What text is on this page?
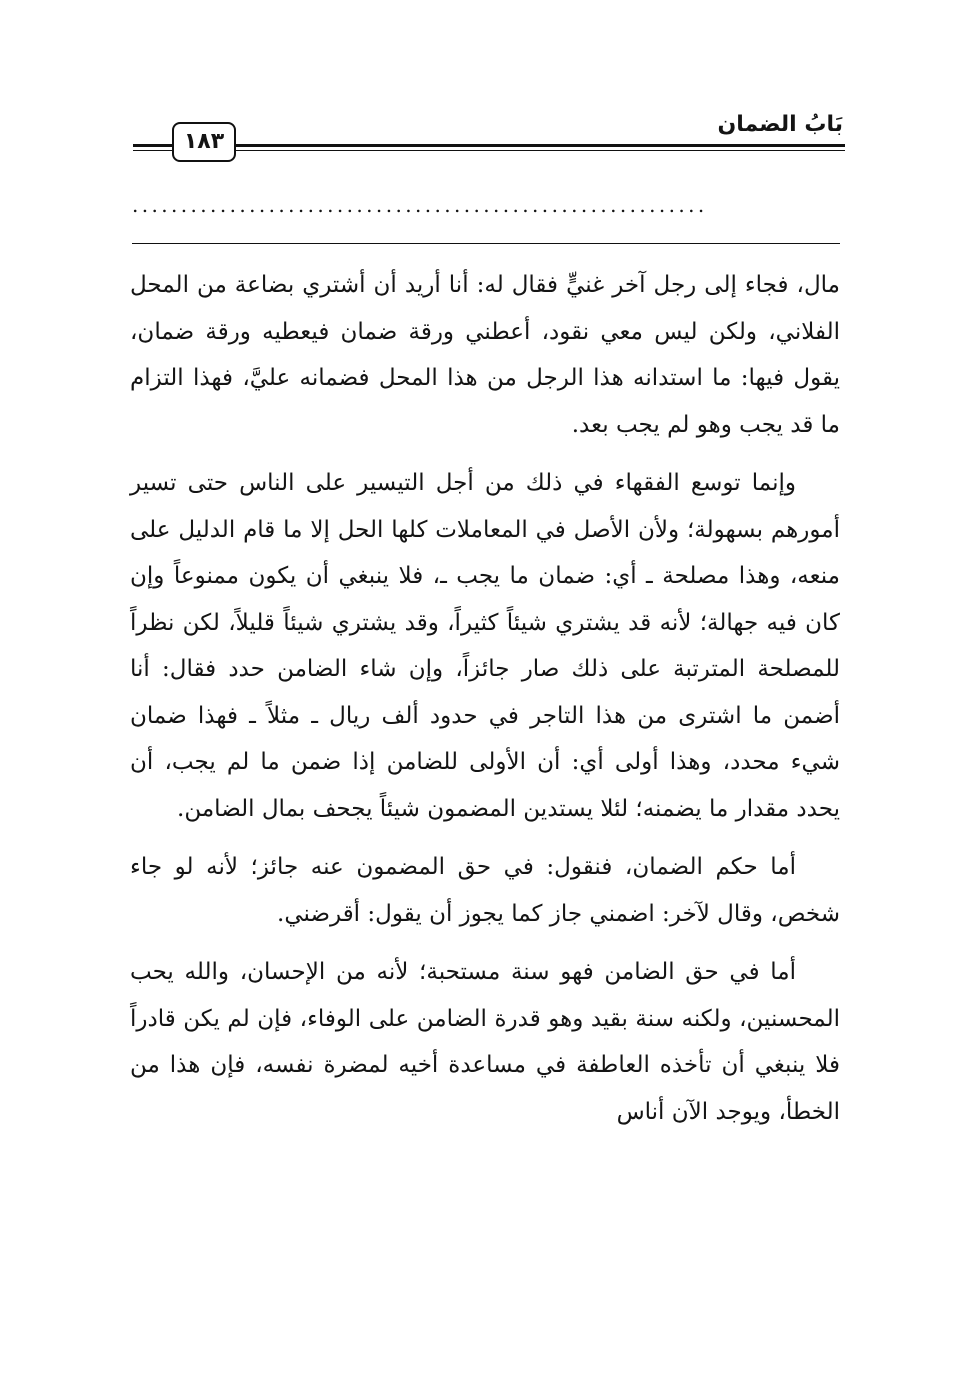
بَابُ الضمان
١٨٣
...........................................................

مال، فجاء إلى رجل آخر غنيٍّ فقال له: أنا أريد أن أشتري بضاعة من المحل الفلاني، ولكن ليس معي نقود، أعطني ورقة ضمان فيعطيه ورقة ضمان، يقول فيها: ما استدانه هذا الرجل من هذا المحل فضمانه عليَّ، فهذا التزام ما قد يجب وهو لم يجب بعد.

وإنما توسع الفقهاء في ذلك من أجل التيسير على الناس حتى تسير أمورهم بسهولة؛ ولأن الأصل في المعاملات كلها الحل إلا ما قام الدليل على منعه، وهذا مصلحة ـ أي: ضمان ما يجب ـ، فلا ينبغي أن يكون ممنوعاً وإن كان فيه جهالة؛ لأنه قد يشتري شيئاً كثيراً، وقد يشتري شيئاً قليلاً، لكن نظراً للمصلحة المترتبة على ذلك صار جائزاً، وإن شاء الضامن حدد فقال: أنا أضمن ما اشترى من هذا التاجر في حدود ألف ريال ـ مثلاً ـ فهذا ضمان شيء محدد، وهذا أولى أي: أن الأولى للضامن إذا ضمن ما لم يجب، أن يحدد مقدار ما يضمنه؛ لئلا يستدين المضمون شيئاً يجحف بمال الضامن.

أما حكم الضمان، فنقول: في حق المضمون عنه جائز؛ لأنه لو جاء شخص، وقال لآخر: اضمني جاز كما يجوز أن يقول: أقرضني.

أما في حق الضامن فهو سنة مستحبة؛ لأنه من الإحسان، والله يحب المحسنين، ولكنه سنة بقيد وهو قدرة الضامن على الوفاء، فإن لم يكن قادراً فلا ينبغي أن تأخذه العاطفة في مساعدة أخيه لمضرة نفسه، فإن هذا من الخطأ، ويوجد الآن أناس
